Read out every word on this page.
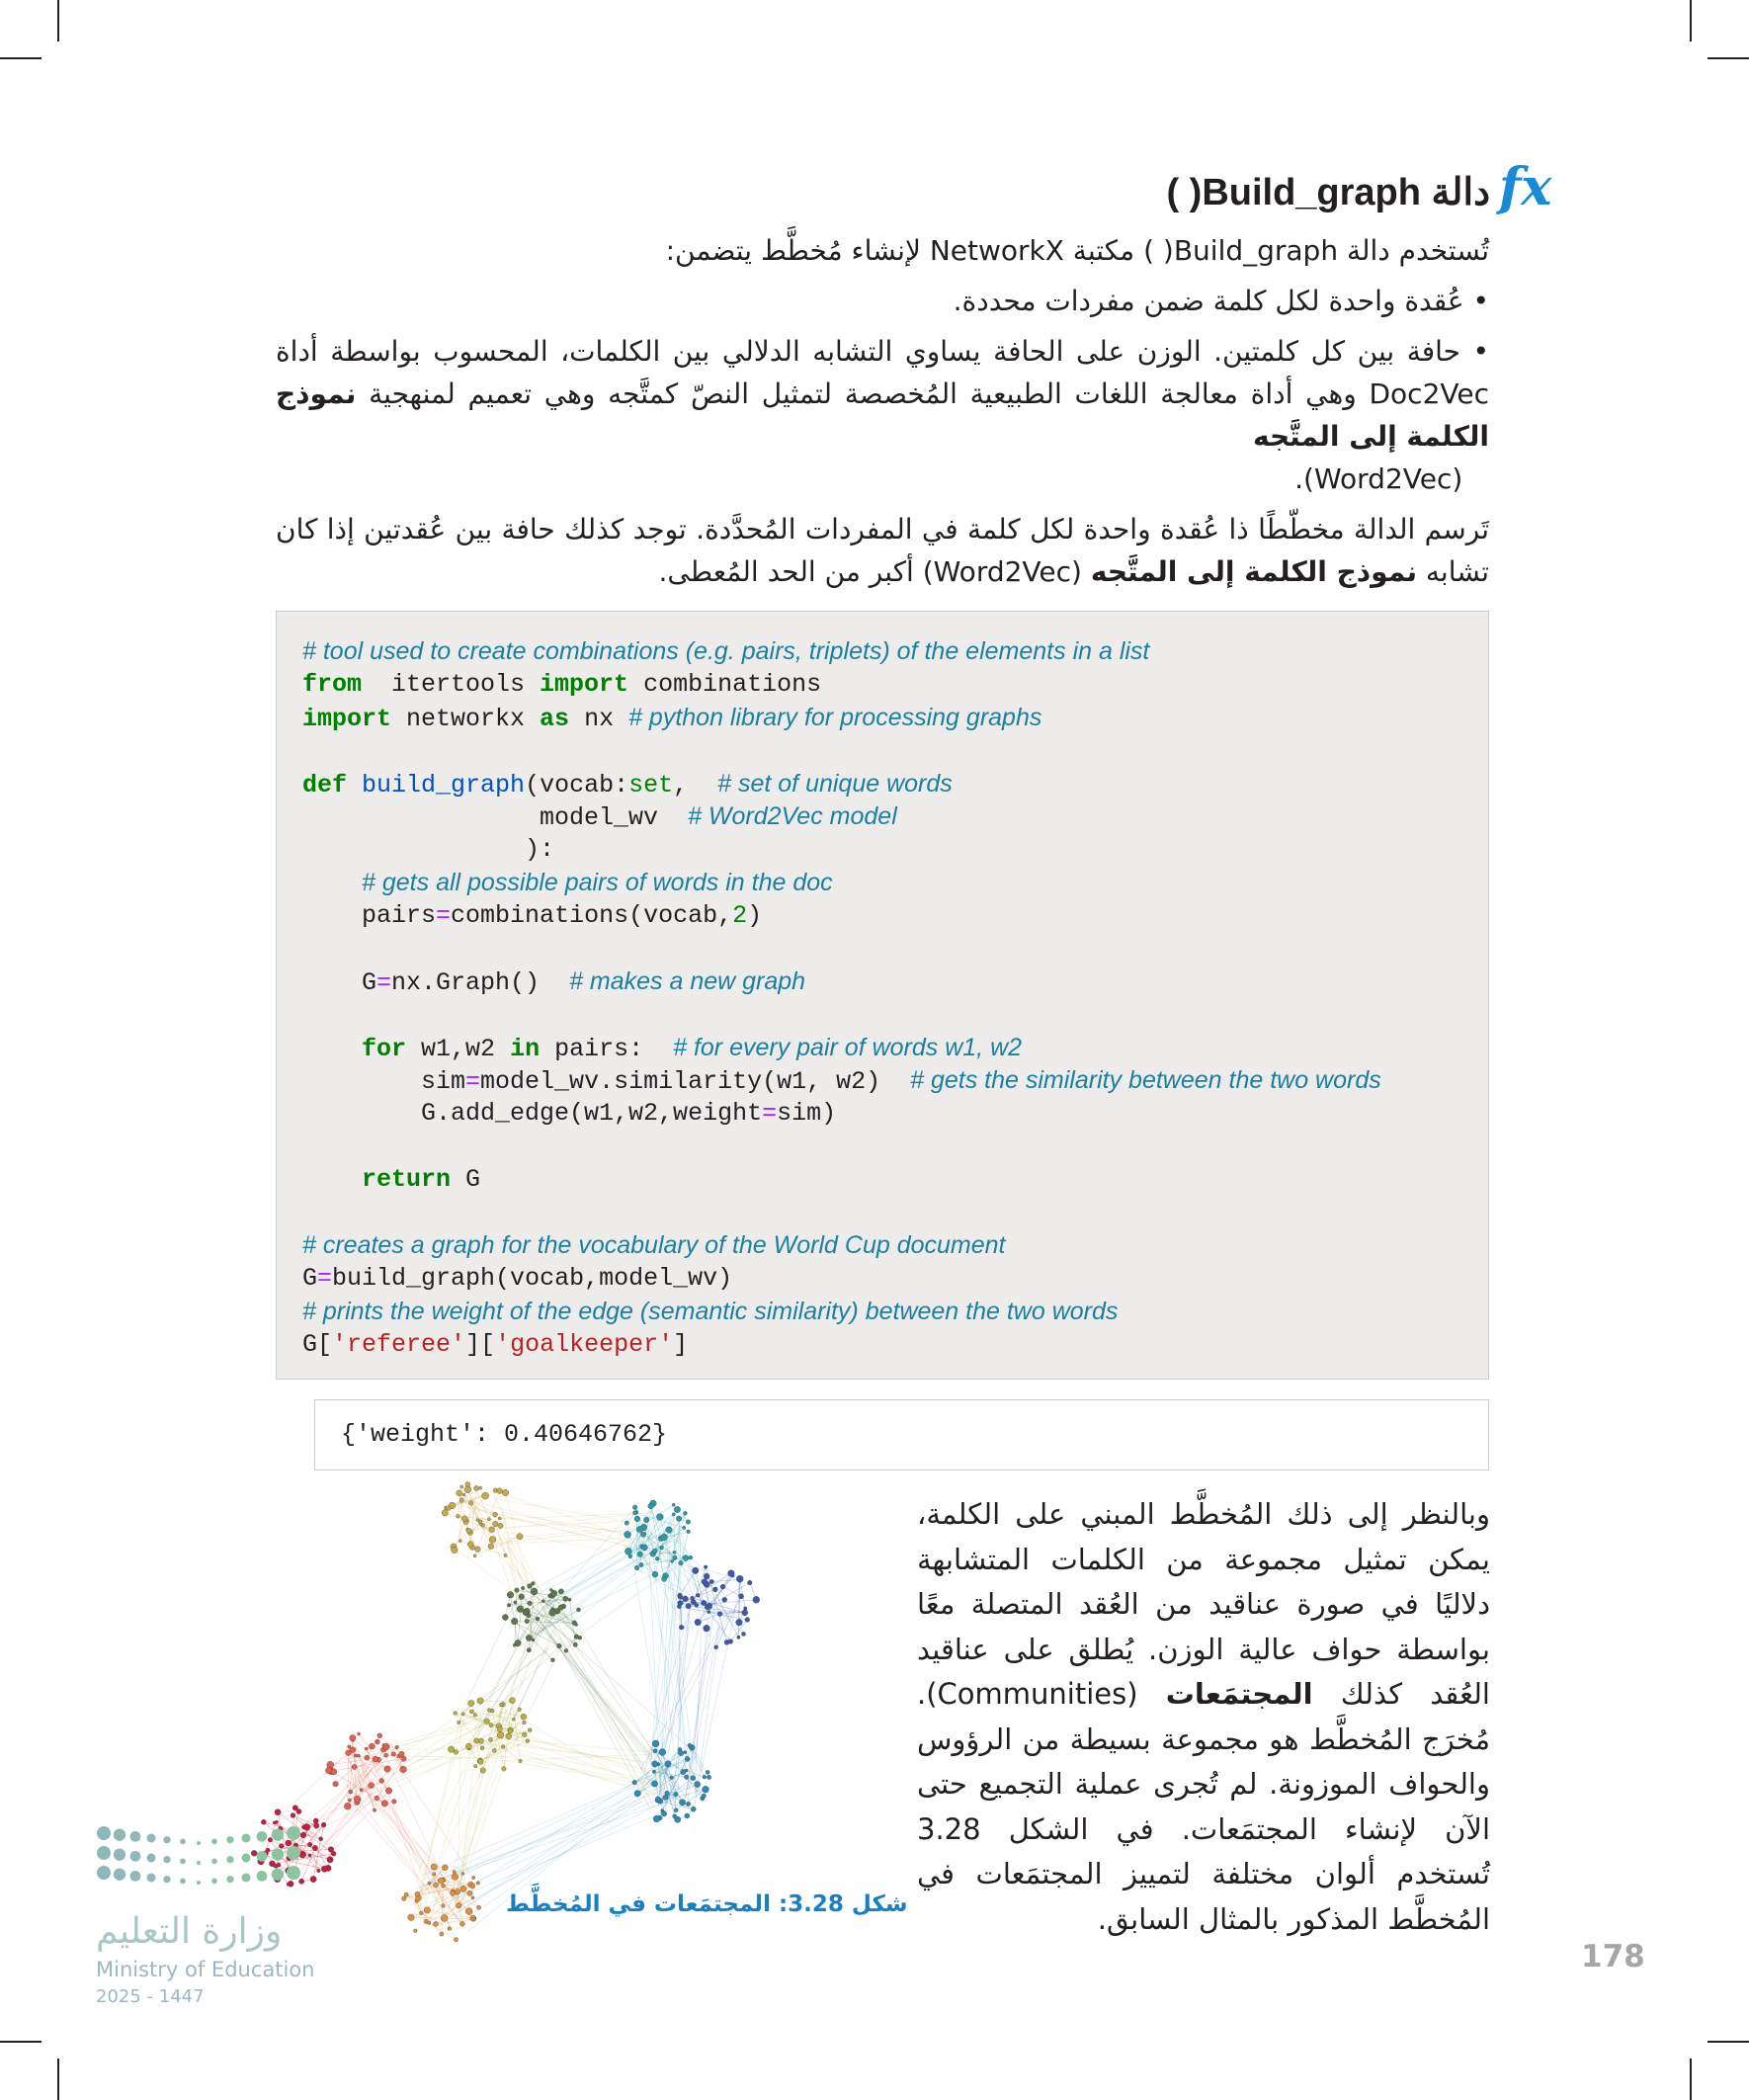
fx
دالة Build_graph( )
تُستخدم دالة Build_graph( ) مكتبة NetworkX لإنشاء مُخطَّط يتضمن:
• عُقدة واحدة لكل كلمة ضمن مفردات محددة.
• حافة بين كل كلمتين. الوزن على الحافة يساوي التشابه الدلالي بين الكلمات، المحسوب بواسطة أداة Doc2Vec وهي أداة معالجة اللغات الطبيعية المُخصصة لتمثيل النصّ كمتَّجه وهي تعميم لمنهجية نموذج الكلمة إلى المتَّجه
(Word2Vec).
تَرسم الدالة مخطّطًا ذا عُقدة واحدة لكل كلمة في المفردات المُحدَّدة. توجد كذلك حافة بين عُقدتين إذا كان تشابه نموذج الكلمة إلى المتَّجه (Word2Vec) أكبر من الحد المُعطى.
# tool used to create combinations (e.g. pairs, triplets) of the elements in a list
from  itertools import combinations
import networkx as nx # python library for processing graphs
def build_graph(vocab:set,  # set of unique words
model_wv  # Word2Vec model
):
# gets all possible pairs of words in the doc
pairs=combinations(vocab,2)
G=nx.Graph()  # makes a new graph
for w1,w2 in pairs:  # for every pair of words w1, w2
sim=model_wv.similarity(w1, w2)  # gets the similarity between the two words
G.add_edge(w1,w2,weight=sim)
return G
# creates a graph for the vocabulary of the World Cup document
G=build_graph(vocab,model_wv)
# prints the weight of the edge (semantic similarity) between the two words
G['referee']['goalkeeper']
{'weight': 0.40646762}
وبالنظر إلى ذلك المُخطَّط المبني على الكلمة، يمكن تمثيل مجموعة من الكلمات المتشابهة دلاليًا في صورة عناقيد من العُقد المتصلة معًا بواسطة حواف عالية الوزن. يُطلق على عناقيد العُقد كذلك المجتمَعات (Communities). مُخرَج المُخطَّط هو مجموعة بسيطة من الرؤوس والحواف الموزونة. لم تُجرى عملية التجميع حتى الآن لإنشاء المجتمَعات. في الشكل 3.28 تُستخدم ألوان مختلفة لتمييز المجتمَعات في المُخطَّط المذكور بالمثال السابق.
شكل 3.28: المجتمَعات في المُخطَّط
وزارة التعليم
Ministry of Education
2025 - 1447
178
